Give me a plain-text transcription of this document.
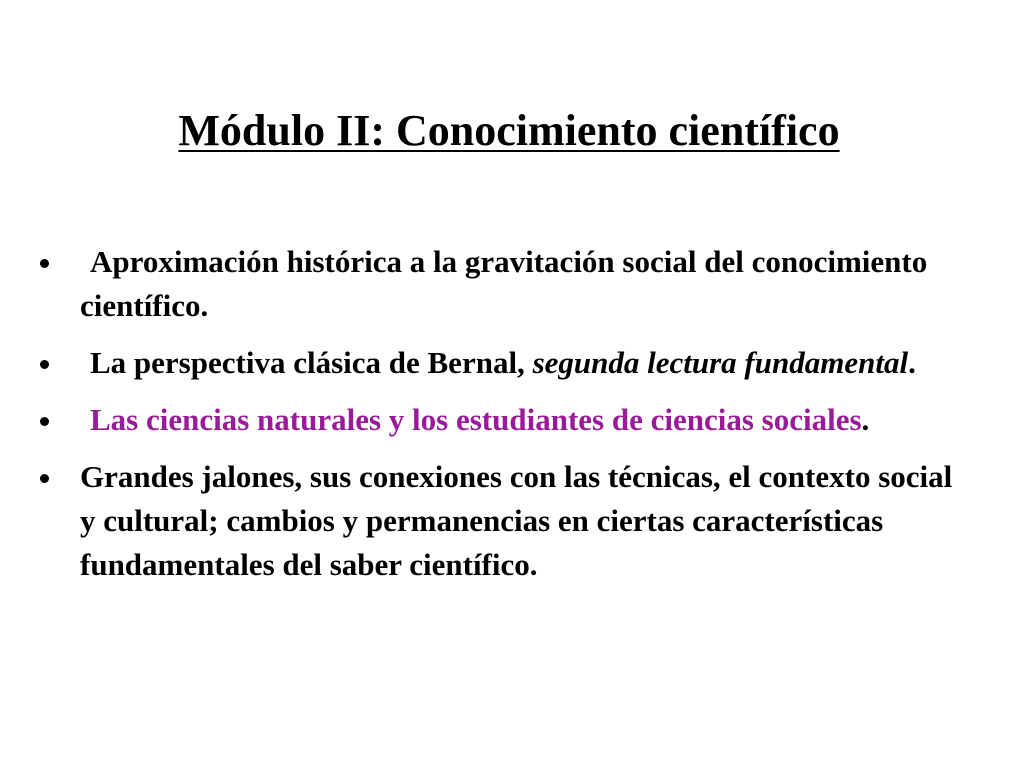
Módulo II: Conocimiento científico
Aproximación histórica a la gravitación social del conocimiento científico.
La perspectiva clásica de Bernal, segunda lectura fundamental.
Las ciencias naturales y los estudiantes de ciencias sociales.
Grandes jalones, sus conexiones con las técnicas, el contexto social y cultural; cambios y permanencias en ciertas características fundamentales del saber científico.
